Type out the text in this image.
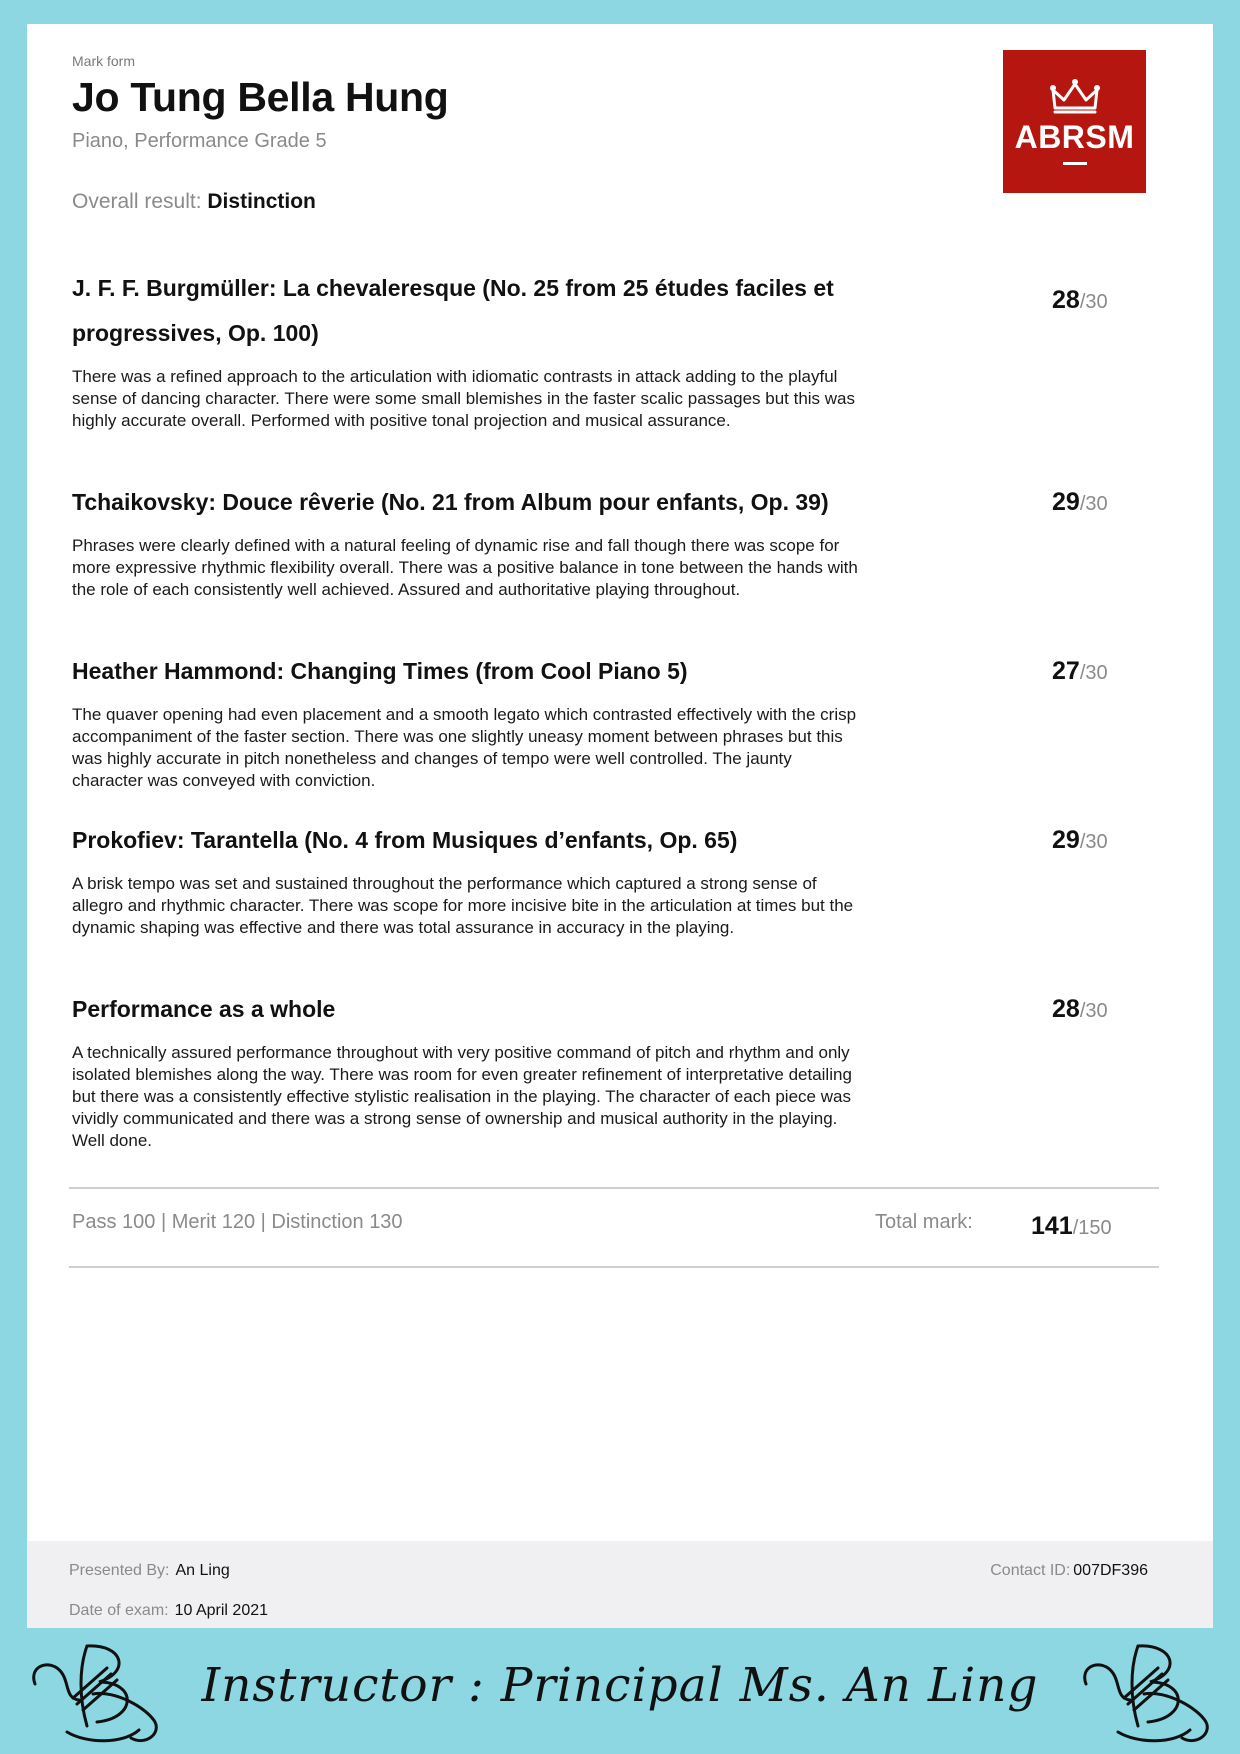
Mark form
Jo Tung Bella Hung
Piano, Performance Grade 5
Overall result: Distinction
ABRSM
J. F. F. Burgmüller: La chevaleresque (No. 25 from 25 études faciles et progressives, Op. 100)
There was a refined approach to the articulation with idiomatic contrasts in attack adding to the playful sense of dancing character. There were some small blemishes in the faster scalic passages but this was highly accurate overall. Performed with positive tonal projection and musical assurance.
28/30
Tchaikovsky: Douce rêverie (No. 21 from Album pour enfants, Op. 39)
Phrases were clearly defined with a natural feeling of dynamic rise and fall though there was scope for more expressive rhythmic flexibility overall. There was a positive balance in tone between the hands with the role of each consistently well achieved. Assured and authoritative playing throughout.
29/30
Heather Hammond: Changing Times (from Cool Piano 5)
The quaver opening had even placement and a smooth legato which contrasted effectively with the crisp accompaniment of the faster section. There was one slightly uneasy moment between phrases but this was highly accurate in pitch nonetheless and changes of tempo were well controlled. The jaunty character was conveyed with conviction.
27/30
Prokofiev: Tarantella (No. 4 from Musiques d’enfants, Op. 65)
A brisk tempo was set and sustained throughout the performance which captured a strong sense of allegro and rhythmic character. There was scope for more incisive bite in the articulation at times but the dynamic shaping was effective and there was total assurance in accuracy in the playing.
29/30
Performance as a whole
A technically assured performance throughout with very positive command of pitch and rhythm and only isolated blemishes along the way. There was room for even greater refinement of interpretative detailing but there was a consistently effective stylistic realisation in the playing. The character of each piece was vividly communicated and there was a strong sense of ownership and musical authority in the playing. Well done.
28/30
Pass 100 | Merit 120 | Distinction 130	Total mark: 141/150
Presented By: An Ling
Date of exam: 10 April 2021
Contact ID: 007DF396
Instructor : Principal Ms. An Ling
